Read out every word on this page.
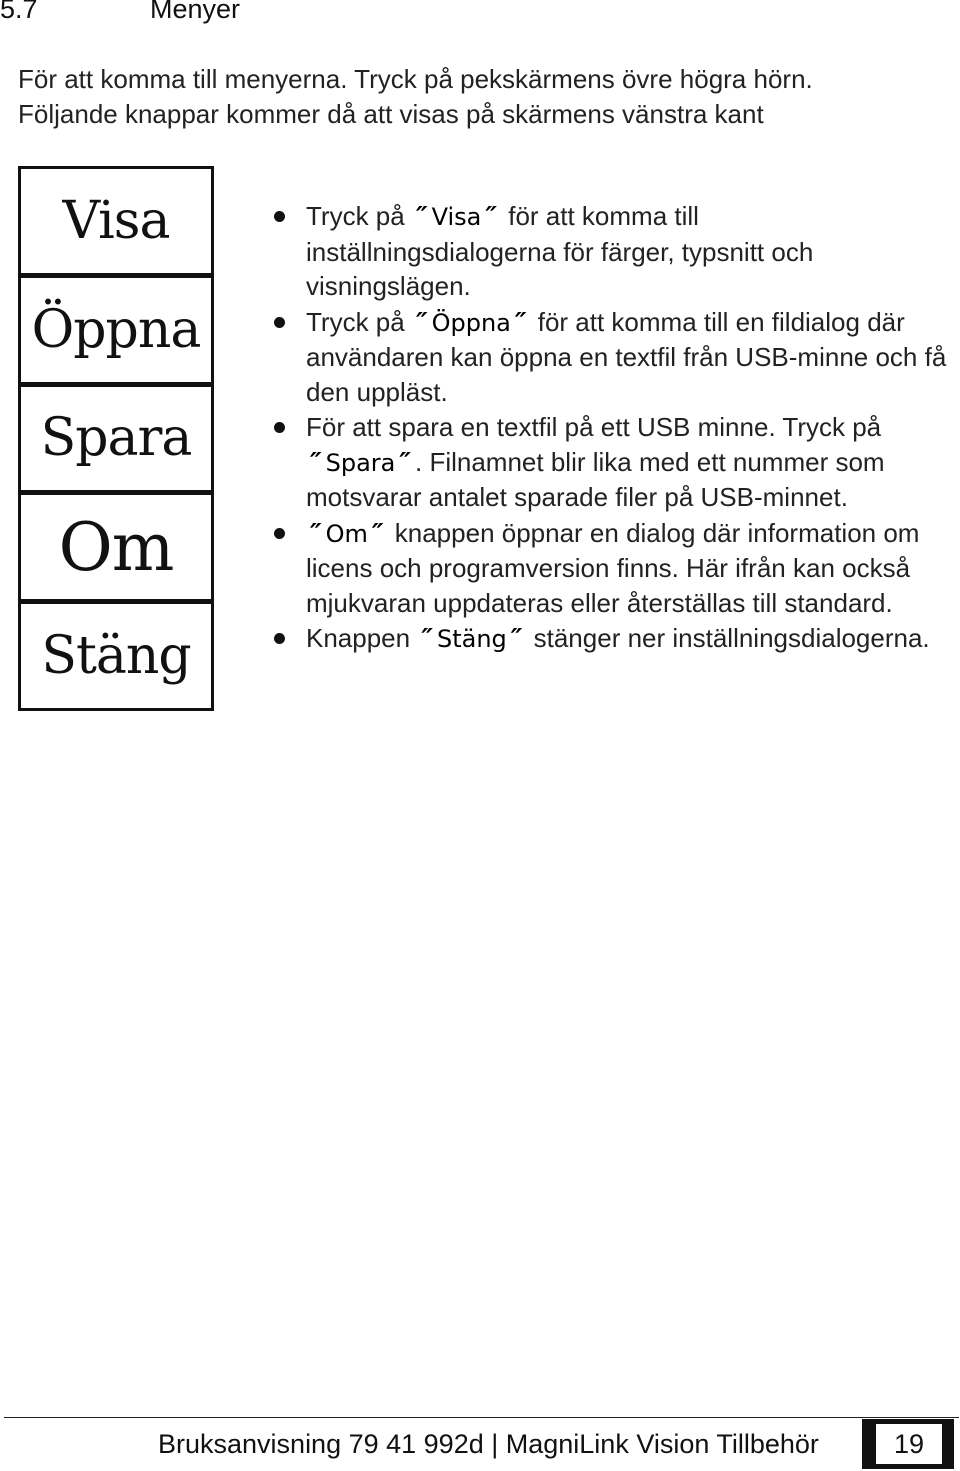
5.7	Menyer

För att komma till menyerna. Tryck på pekskärmens övre högra hörn.

Följande knappar kommer då att visas på skärmens vänstra kant

Visa
Öppna
Spara
Om
Stäng
Tryck på ″ Visa ″ för att komma till inställningsdialogerna för färger, typsnitt och visningslägen.
Tryck på ″ Öppna ″ för att komma till en fildialog där användaren kan öppna en textfil från USB-minne och få den uppläst.
För att spara en textfil på ett USB minne. Tryck på ″ Spara ″ . Filnamnet blir lika med ett nummer som motsvarar antalet sparade filer på USB-minnet.
″ Om ″ knappen öppnar en dialog där information om licens och programversion finns. Här ifrån kan också mjukvaran uppdateras eller återställas till standard.
Knappen ″ Stäng ″ stänger ner inställningsdialogerna.
Bruksanvisning 79 41 992d | MagniLink Vision Tillbehör	19
